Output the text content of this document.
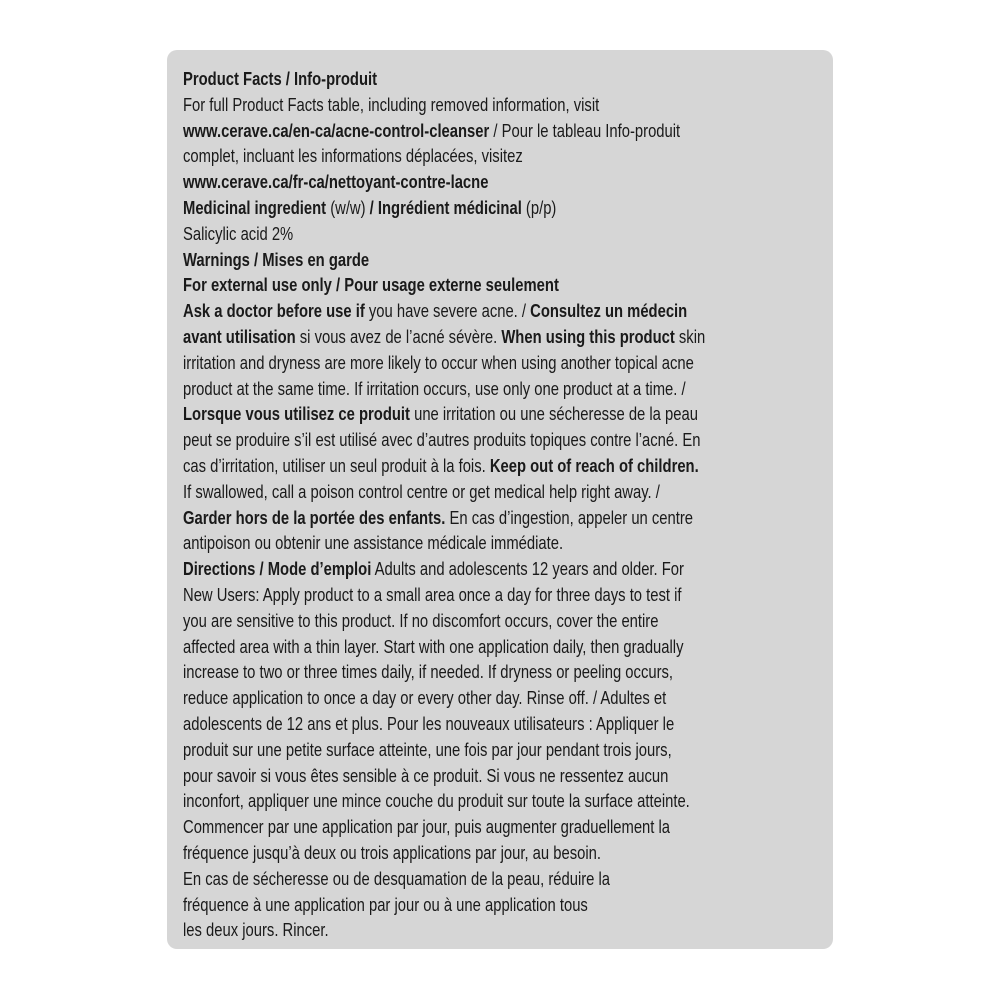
Product Facts / Info-produit
For full Product Facts table, including removed information, visit
www.cerave.ca/en-ca/acne-control-cleanser / Pour le tableau Info-produit
complet, incluant les informations déplacées, visitez
www.cerave.ca/fr-ca/nettoyant-contre-lacne
Medicinal ingredient (w/w) / Ingrédient médicinal (p/p)
Salicylic acid 2%
Warnings / Mises en garde
For external use only / Pour usage externe seulement
Ask a doctor before use if you have severe acne. / Consultez un médecin
avant utilisation si vous avez de l’acné sévère. When using this product skin
irritation and dryness are more likely to occur when using another topical acne
product at the same time. If irritation occurs, use only one product at a time. /
Lorsque vous utilisez ce produit une irritation ou une sécheresse de la peau
peut se produire s’il est utilisé avec d’autres produits topiques contre l’acné. En
cas d’irritation, utiliser un seul produit à la fois. Keep out of reach of children.
If swallowed, call a poison control centre or get medical help right away. /
Garder hors de la portée des enfants. En cas d’ingestion, appeler un centre
antipoison ou obtenir une assistance médicale immédiate.
Directions / Mode d’emploi Adults and adolescents 12 years and older. For
New Users: Apply product to a small area once a day for three days to test if
you are sensitive to this product. If no discomfort occurs, cover the entire
affected area with a thin layer. Start with one application daily, then gradually
increase to two or three times daily, if needed. If dryness or peeling occurs,
reduce application to once a day or every other day. Rinse off. / Adultes et
adolescents de 12 ans et plus. Pour les nouveaux utilisateurs : Appliquer le
produit sur une petite surface atteinte, une fois par jour pendant trois jours,
pour savoir si vous êtes sensible à ce produit. Si vous ne ressentez aucun
inconfort, appliquer une mince couche du produit sur toute la surface atteinte.
Commencer par une application par jour, puis augmenter graduellement la
fréquence jusqu’à deux ou trois applications par jour, au besoin.
En cas de sécheresse ou de desquamation de la peau, réduire la
fréquence à une application par jour ou à une application tous
les deux jours. Rincer.
